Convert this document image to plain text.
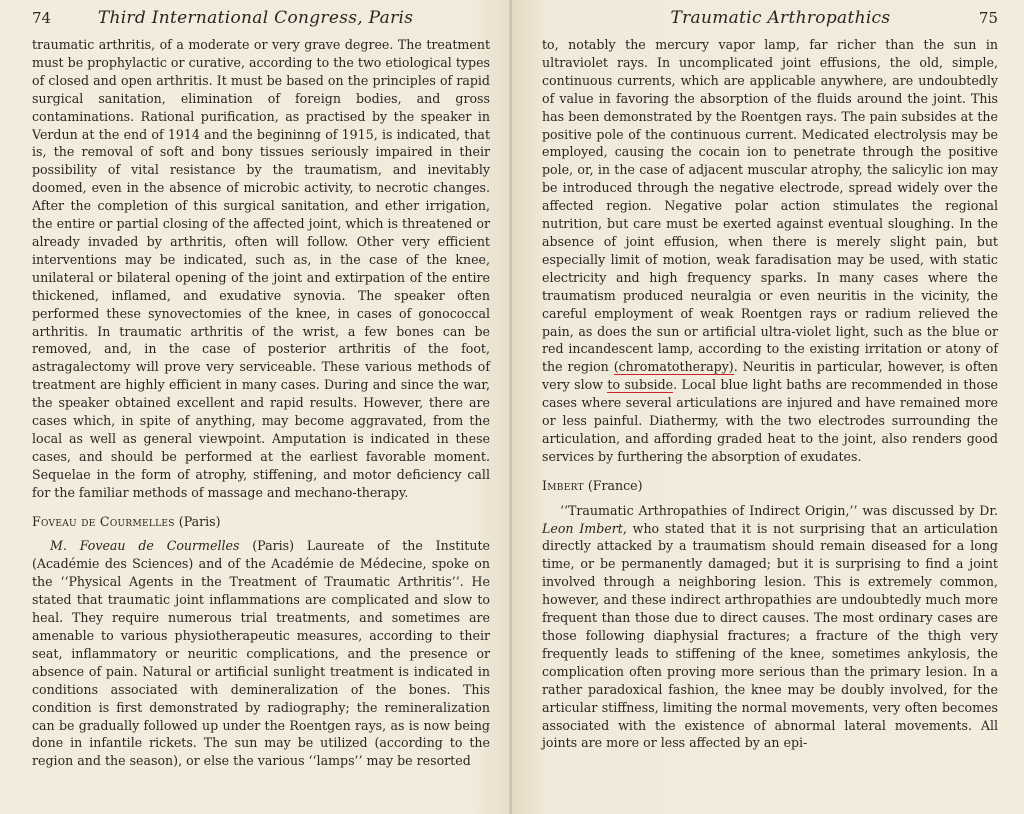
74	Third International Congress, Paris

traumatic arthritis, of a moderate or very grave degree. The treatment must be prophylactic or curative, according to the two etiological types of closed and open arthritis. It must be based on the principles of rapid surgical sanitation, elimination of foreign bodies, and gross contaminations. Rational purification, as practised by the speaker in Verdun at the end of 1914 and the begininng of 1915, is indicated, that is, the removal of soft and bony tissues seriously impaired in their possibility of vital resistance by the traumatism, and inevitably doomed, even in the absence of microbic activity, to necrotic changes. After the completion of this surgical sanitation, and ether irrigation, the entire or partial closing of the affected joint, which is threatened or already invaded by arthritis, often will follow. Other very efficient interventions may be indicated, such as, in the case of the knee, unilateral or bilateral opening of the joint and extirpation of the entire thickened, inflamed, and exudative synovia. The speaker often performed these synovectomies of the knee, in cases of gonococcal arthritis. In traumatic arthritis of the wrist, a few bones can be removed, and, in the case of posterior arthritis of the foot, astragalectomy will prove very serviceable. These various methods of treatment are highly efficient in many cases. During and since the war, the speaker obtained excellent and rapid results. However, there are cases which, in spite of anything, may become aggravated, from the local as well as general viewpoint. Amputation is indicated in these cases, and should be performed at the earliest favorable moment. Sequelae in the form of atrophy, stiffening, and motor deficiency call for the familiar methods of massage and mechano-therapy.

Foveau de Courmelles (Paris)

M. Foveau de Courmelles (Paris) Laureate of the Institute (Académie des Sciences) and of the Académie de Médecine, spoke on the ‘‘Physical Agents in the Treatment of Traumatic Arthritis’’. He stated that traumatic joint inflammations are complicated and slow to heal. They require numerous trial treatments, and sometimes are amenable to various physiotherapeutic measures, according to their seat, inflammatory or neuritic complications, and the presence or absence of pain. Natural or artificial sunlight treatment is indicated in conditions associated with demineralization of the bones. This condition is first demonstrated by radiography; the remineralization can be gradually followed up under the Roentgen rays, as is now being done in infantile rickets. The sun may be utilized (according to the region and the season), or else the various ‘‘lamps’’ may be resorted

Traumatic Arthropathics	75

to, notably the mercury vapor lamp, far richer than the sun in ultraviolet rays. In uncomplicated joint effusions, the old, simple, continuous currents, which are applicable anywhere, are undoubtedly of value in favoring the absorption of the fluids around the joint. This has been demonstrated by the Roentgen rays. The pain subsides at the positive pole of the continuous current. Medicated electrolysis may be employed, causing the cocain ion to penetrate through the positive pole, or, in the case of adjacent muscular atrophy, the salicylic ion may be introduced through the negative electrode, spread widely over the affected region. Negative polar action stimulates the regional nutrition, but care must be exerted against eventual sloughing. In the absence of joint effusion, when there is merely slight pain, but especially limit of motion, weak faradisation may be used, with static electricity and high frequency sparks. In many cases where the traumatism produced neuralgia or even neuritis in the vicinity, the careful employment of weak Roentgen rays or radium relieved the pain, as does the sun or artificial ultra-violet light, such as the blue or red incandescent lamp, according to the existing irritation or atony of the region (chromatotherapy). Neuritis in particular, however, is often very slow to subside. Local blue light baths are recommended in those cases where several articulations are injured and have remained more or less painful. Diathermy, with the two electrodes surrounding the articulation, and affording graded heat to the joint, also renders good services by furthering the absorption of exudates.

Imbert (France)

‘‘Traumatic Arthropathies of Indirect Origin,’’ was discussed by Dr. Leon Imbert, who stated that it is not surprising that an articulation directly attacked by a traumatism should remain diseased for a long time, or be permanently damaged; but it is surprising to find a joint involved through a neighboring lesion. This is extremely common, however, and these indirect arthropathies are undoubtedly much more frequent than those due to direct causes. The most ordinary cases are those following diaphysial fractures; a fracture of the thigh very frequently leads to stiffening of the knee, sometimes ankylosis, the complication often proving more serious than the primary lesion. In a rather paradoxical fashion, the knee may be doubly involved, for the articular stiffness, limiting the normal movements, very often becomes associated with the existence of abnormal lateral movements. All joints are more or less affected by an epi-
